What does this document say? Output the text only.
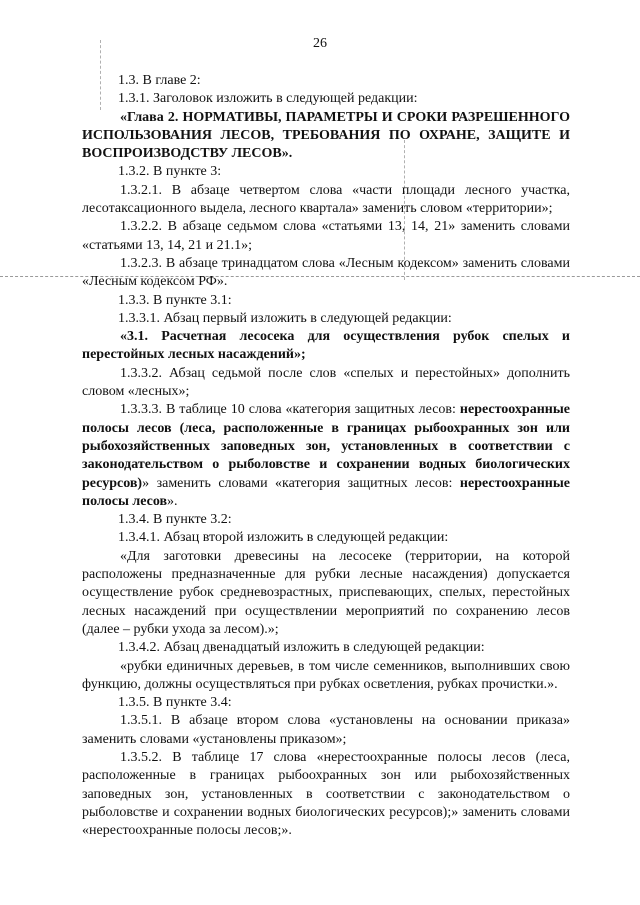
26

1.3. В главе 2:

1.3.1. Заголовок изложить в следующей редакции:

«Глава 2. НОРМАТИВЫ, ПАРАМЕТРЫ И СРОКИ РАЗРЕШЕННОГО ИСПОЛЬЗОВАНИЯ ЛЕСОВ, ТРЕБОВАНИЯ ПО ОХРАНЕ, ЗАЩИТЕ И ВОСПРОИЗВОДСТВУ ЛЕСОВ».

1.3.2. В пункте 3:

1.3.2.1. В абзаце четвертом слова «части площади лесного участка, лесотаксационного выдела, лесного квартала» заменить словом «территории»;

1.3.2.2. В абзаце седьмом слова «статьями 13, 14, 21» заменить словами «статьями 13, 14, 21 и 21.1»;

1.3.2.3. В абзаце тринадцатом слова «Лесным кодексом» заменить словами «Лесным кодексом РФ».

1.3.3. В пункте 3.1:

1.3.3.1. Абзац первый изложить в следующей редакции:

«3.1. Расчетная лесосека для осуществления рубок спелых и перестойных лесных насаждений»;

1.3.3.2. Абзац седьмой после слов «спелых и перестойных» дополнить словом «лесных»;

1.3.3.3. В таблице 10 слова «категория защитных лесов: нерестоохранные полосы лесов (леса, расположенные в границах рыбоохранных зон или рыбохозяйственных заповедных зон, установленных в соответствии с законодательством о рыболовстве и сохранении водных биологических ресурсов)» заменить словами «категория защитных лесов: нерестоохранные полосы лесов».

1.3.4. В пункте 3.2:

1.3.4.1. Абзац второй изложить в следующей редакции:

«Для заготовки древесины на лесосеке (территории, на которой расположены предназначенные для рубки лесные насаждения) допускается осуществление рубок средневозрастных, приспевающих, спелых, перестойных лесных насаждений при осуществлении мероприятий по сохранению лесов (далее – рубки ухода за лесом).»;

1.3.4.2. Абзац двенадцатый изложить в следующей редакции:

«рубки единичных деревьев, в том числе семенников, выполнивших свою функцию, должны осуществляться при рубках осветления, рубках прочистки.».

1.3.5. В пункте 3.4:

1.3.5.1. В абзаце втором слова «установлены на основании приказа» заменить словами «установлены приказом»;

1.3.5.2. В таблице 17 слова «нерестоохранные полосы лесов (леса, расположенные в границах рыбоохранных зон или рыбохозяйственных заповедных зон, установленных в соответствии с законодательством о рыболовстве и сохранении водных биологических ресурсов);» заменить словами «нерестоохранные полосы лесов;».
